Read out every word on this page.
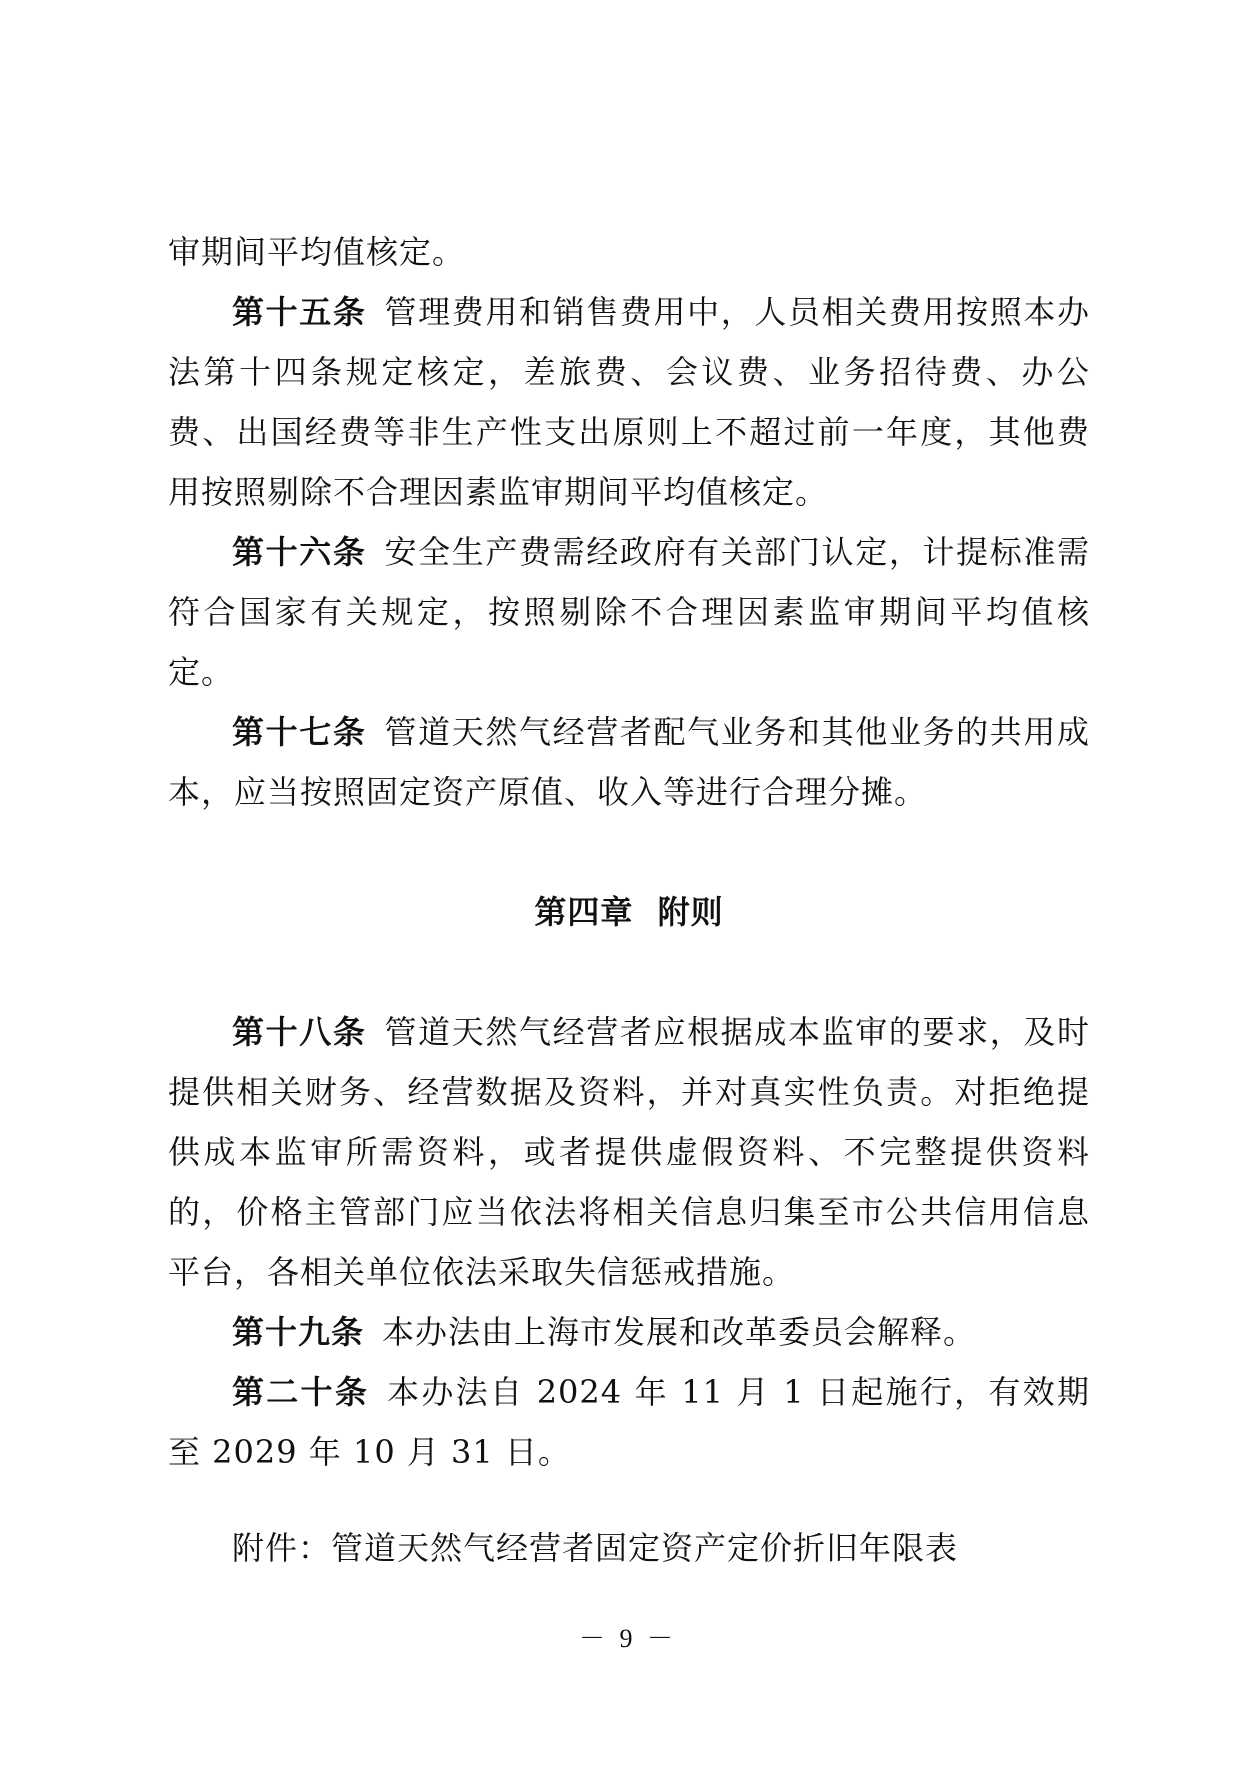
审期间平均值核定。

第十五条 管理费用和销售费用中，人员相关费用按照本办法第十四条规定核定，差旅费、会议费、业务招待费、办公费、出国经费等非生产性支出原则上不超过前一年度，其他费用按照剔除不合理因素监审期间平均值核定。

第十六条 安全生产费需经政府有关部门认定，计提标准需符合国家有关规定，按照剔除不合理因素监审期间平均值核定。

第十七条 管道天然气经营者配气业务和其他业务的共用成本，应当按照固定资产原值、收入等进行合理分摊。

第四章 附则

第十八条 管道天然气经营者应根据成本监审的要求，及时提供相关财务、经营数据及资料，并对真实性负责。对拒绝提供成本监审所需资料，或者提供虚假资料、不完整提供资料的，价格主管部门应当依法将相关信息归集至市公共信用信息平台，各相关单位依法采取失信惩戒措施。

第十九条 本办法由上海市发展和改革委员会解释。

第二十条 本办法自 2024 年 11 月 1 日起施行，有效期至 2029 年 10 月 31 日。

附件：管道天然气经营者固定资产定价折旧年限表

－ 9 －
